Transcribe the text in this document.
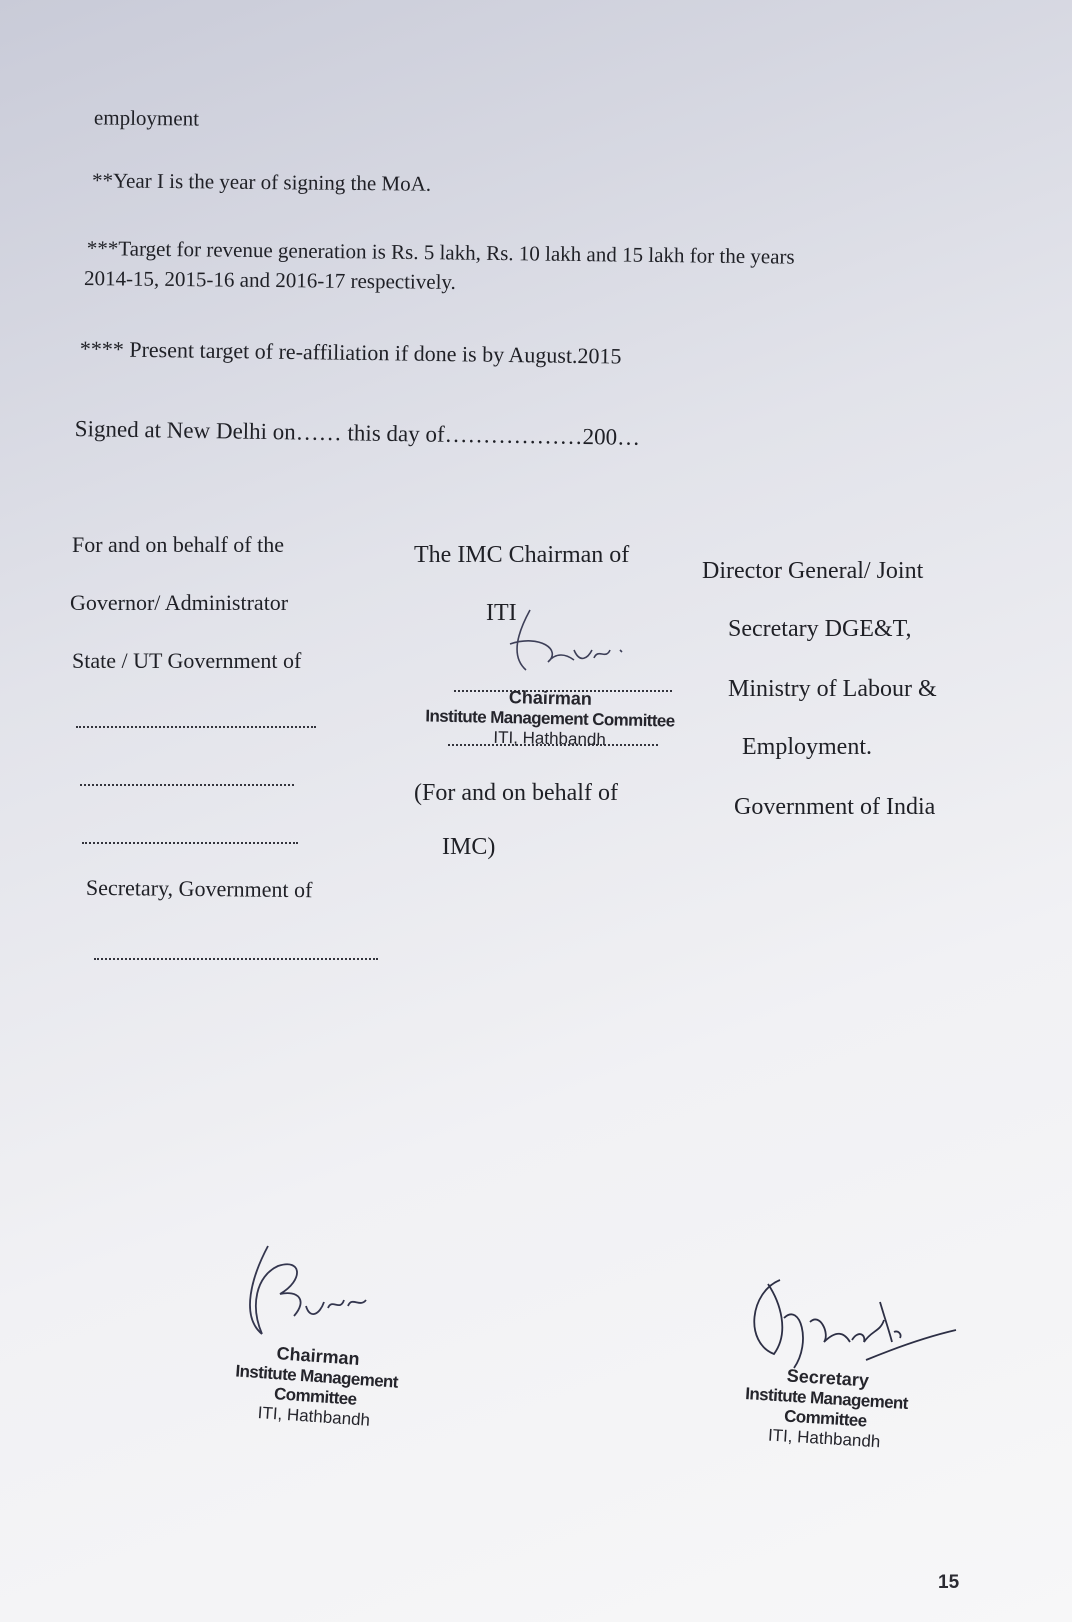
employment
**Year I is the year of signing the MoA.
***Target for revenue generation is Rs. 5 lakh, Rs. 10 lakh and 15 lakh for the years
2014-15, 2015-16 and 2016-17 respectively.
**** Present target of re-affiliation if done is by August.2015
Signed at New Delhi on…… this day of………………200…
For and on behalf of the
Governor/ Administrator
State / UT Government of
Secretary, Government of
The IMC Chairman of
ITI
Chairman
Institute Management Committee
ITI, Hathbandh
(For and on behalf of
IMC)
Director General/ Joint
Secretary DGE&T,
Ministry of Labour &
Employment.
Government of India
Chairman
Institute Management Committee
ITI, Hathbandh
Secretary
Institute Management Committee
ITI, Hathbandh
15
